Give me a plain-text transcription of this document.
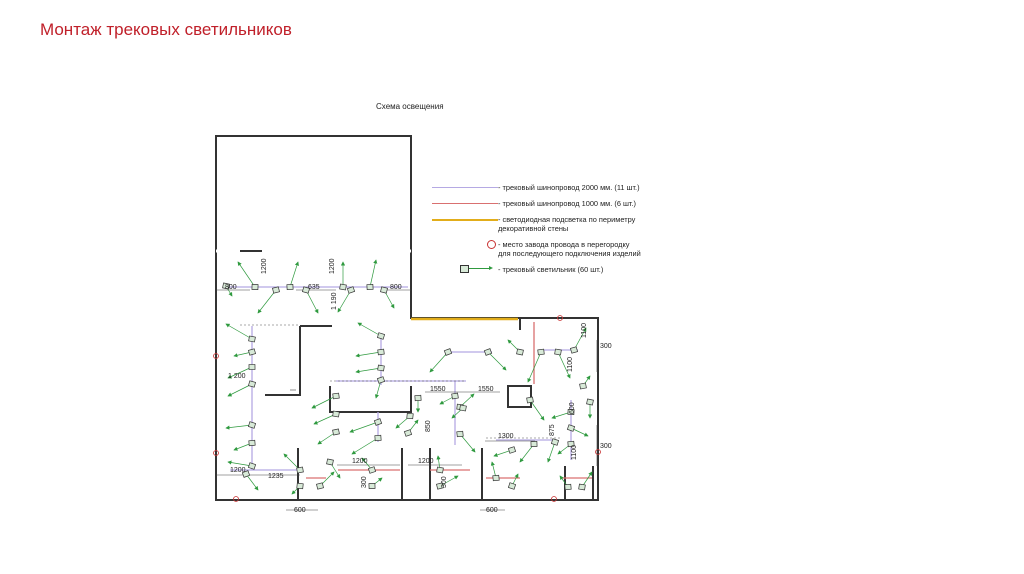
Монтаж трековых светильников
Схема освещения
- трековый шинопровод 2000 мм. (11 шт.)
- трековый шинопровод 1000 мм. (6 шт.)
- светодиодная подсветка по периметру
декоративной стены
- место завода провода в перегородку
для последующего подключения изделий
- трековый светильник (60 шт.)
800
1200
635
1200
800
1 190
1 200
300
1100
1100
1550	1550
600
850
1300
875
300
1100
1200
1200	1200
1235	300	300
600	600
